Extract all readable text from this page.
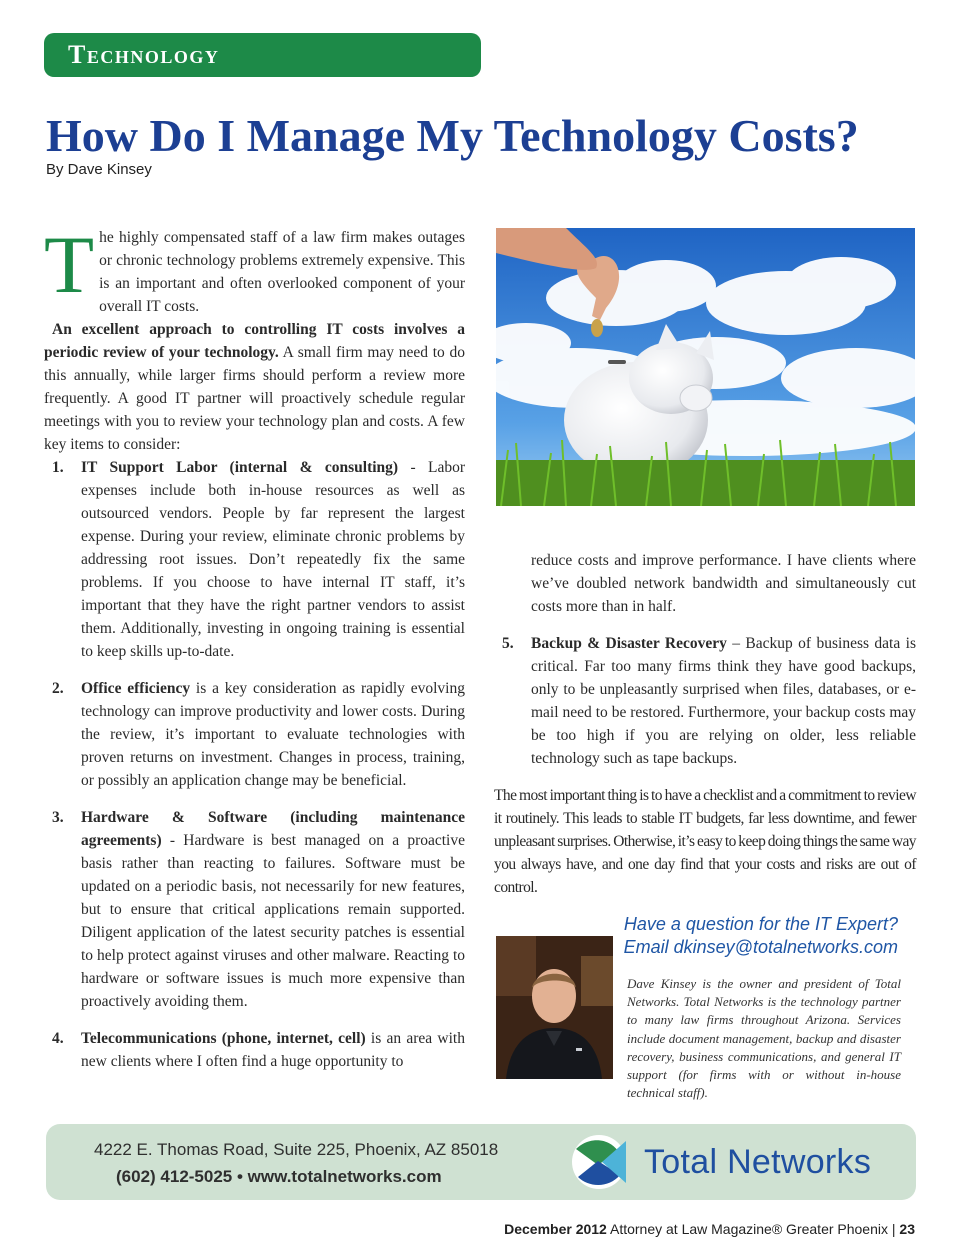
Technology
How Do I Manage My Technology Costs?
By Dave Kinsey

The highly compensated staff of a law firm makes outages or chronic technology problems extremely expensive. This is an important and often overlooked component of your overall IT costs.

An excellent approach to controlling IT costs involves a periodic review of your technology. A small firm may need to do this annually, while larger firms should perform a review more frequently. A good IT partner will proactively schedule regular meetings with you to review your technology plan and costs. A few key items to consider:

1. IT Support Labor (internal & consulting) - Labor expenses include both in-house resources as well as outsourced vendors. People by far represent the largest expense. During your review, eliminate chronic problems by addressing root issues. Don’t repeatedly fix the same problems. If you choose to have internal IT staff, it’s important that they have the right partner vendors to assist them. Additionally, investing in ongoing training is essential to keep skills up-to-date.
2. Office efficiency is a key consideration as rapidly evolving technology can improve productivity and lower costs. During the review, it’s important to evaluate technologies with proven returns on investment. Changes in process, training, or possibly an application change may be beneficial.
3. Hardware & Software (including maintenance agreements) - Hardware is best managed on a proactive basis rather than reacting to failures. Software must be updated on a periodic basis, not necessarily for new features, but to ensure that critical applications remain supported. Diligent application of the latest security patches is essential to help protect against viruses and other malware. Reacting to hardware or software issues is much more expensive than proactively avoiding them.
4. Telecommunications (phone, internet, cell) is an area with new clients where I often find a huge opportunity to

reduce costs and improve performance. I have clients where we’ve doubled network bandwidth and simultaneously cut costs more than in half.

5. Backup & Disaster Recovery – Backup of business data is critical. Far too many firms think they have good backups, only to be unpleasantly surprised when files, databases, or e-mail need to be restored. Furthermore, your backup costs may be too high if you are relying on older, less reliable technology such as tape backups.

The most important thing is to have a checklist and a commitment to review it routinely. This leads to stable IT budgets, far less downtime, and fewer unpleasant surprises. Otherwise, it’s easy to keep doing things the same way you always have, and one day find that your costs and risks are out of control.

Have a question for the IT Expert?
Email dkinsey@totalnetworks.com

Dave Kinsey is the owner and president of Total Networks. Total Networks is the technology partner to many law firms throughout Arizona. Services include document management, backup and disaster recovery, business communications, and general IT support (for firms with or without in-house technical staff).

4222 E. Thomas Road, Suite 225, Phoenix, AZ 85018
(602) 412-5025 • www.totalnetworks.com	Total Networks
December 2012 Attorney at Law Magazine® Greater Phoenix | 23
